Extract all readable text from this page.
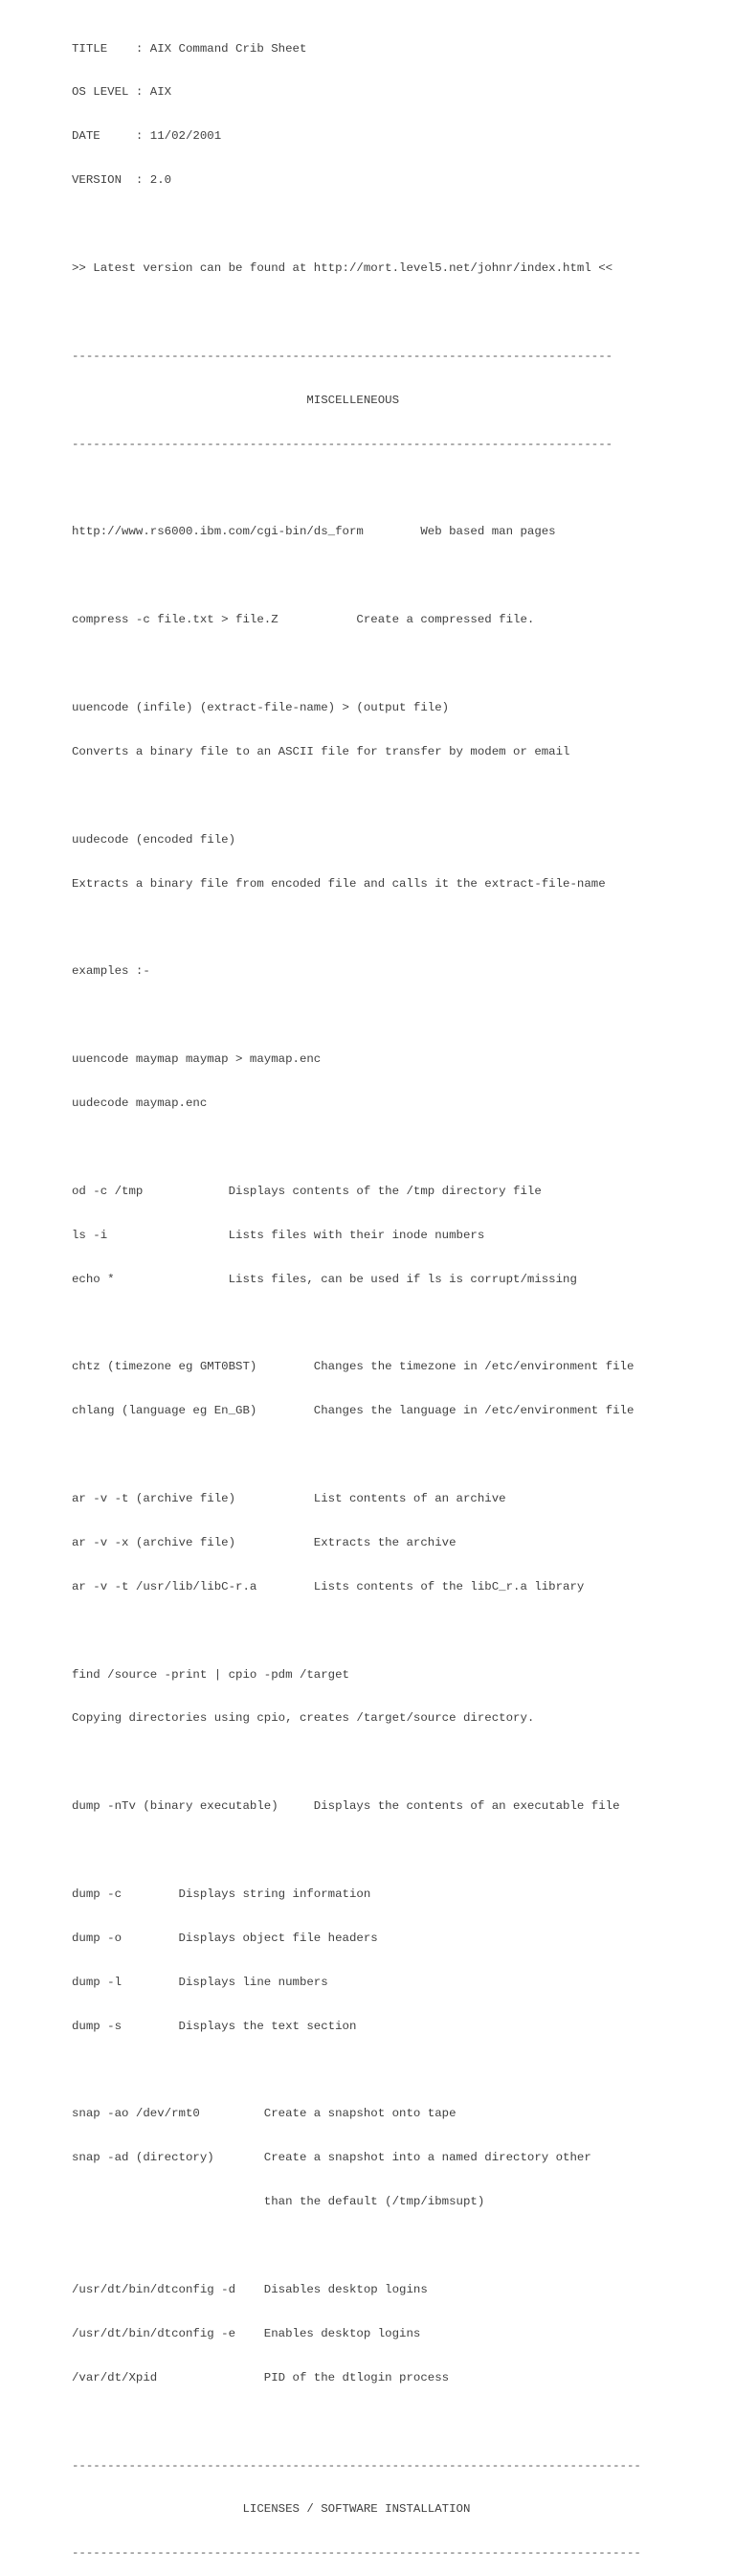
TITLE    : AIX Command Crib Sheet

OS LEVEL : AIX

DATE     : 11/02/2001

VERSION  : 2.0

>> Latest version can be found at http://mort.level5.net/johnr/index.html <<

----------------------------------------------------------------------------

MISCELLENEOUS

----------------------------------------------------------------------------

http://www.rs6000.ibm.com/cgi-bin/ds_form        Web based man pages

compress -c file.txt > file.Z           Create a compressed file.

uuencode (infile) (extract-file-name) > (output file)

Converts a binary file to an ASCII file for transfer by modem or email

uudecode (encoded file)

Extracts a binary file from encoded file and calls it the extract-file-name

examples :-

uuencode maymap maymap > maymap.enc

uudecode maymap.enc

od -c /tmp            Displays contents of the /tmp directory file

ls -i                 Lists files with their inode numbers

echo *                Lists files, can be used if ls is corrupt/missing

chtz (timezone eg GMT0BST)        Changes the timezone in /etc/environment file

chlang (language eg En_GB)        Changes the language in /etc/environment file

ar -v -t (archive file)           List contents of an archive

ar -v -x (archive file)           Extracts the archive

ar -v -t /usr/lib/libC-r.a        Lists contents of the libC_r.a library

find /source -print | cpio -pdm /target

Copying directories using cpio, creates /target/source directory.

dump -nTv (binary executable)     Displays the contents of an executable file

dump -c        Displays string information

dump -o        Displays object file headers

dump -l        Displays line numbers

dump -s        Displays the text section

snap -ao /dev/rmt0         Create a snapshot onto tape

snap -ad (directory)       Create a snapshot into a named directory other

than the default (/tmp/ibmsupt)

/usr/dt/bin/dtconfig -d    Disables desktop logins

/usr/dt/bin/dtconfig -e    Enables desktop logins

/var/dt/Xpid               PID of the dtlogin process

--------------------------------------------------------------------------------

LICENSES / SOFTWARE INSTALLATION

--------------------------------------------------------------------------------
